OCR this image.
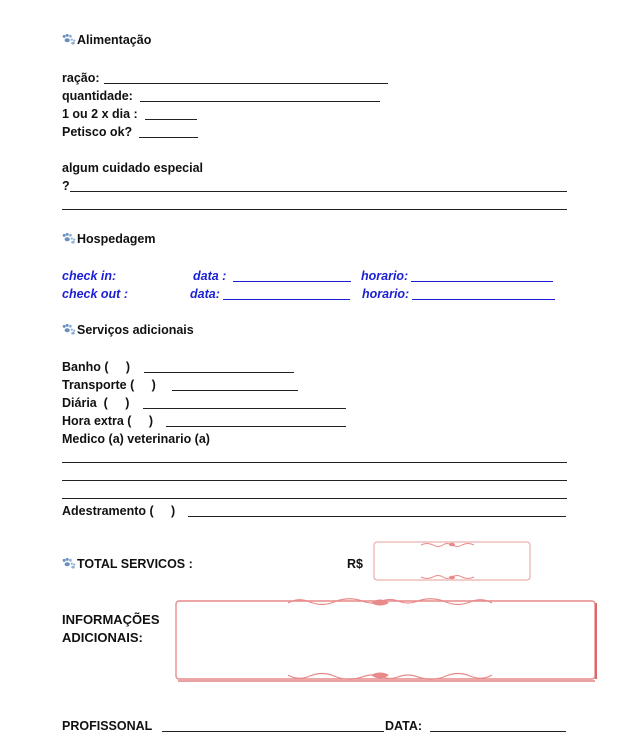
Alimentação
ração:
quantidade:
1 ou 2 x dia :
Petisco ok?
algum cuidado especial
?
Hospedagem
check in:	data :	horario:
check out :	data:	horario:
Serviços adicionais
Banho (     )
Transporte (     )
Diária  (     )
Hora extra (     )
Medico (a) veterinario (a)
Adestramento (     )
TOTAL SERVICOS :	R$
INFORMAÇÕES
ADICIONAIS:
PROFISSONAL	DATA:
